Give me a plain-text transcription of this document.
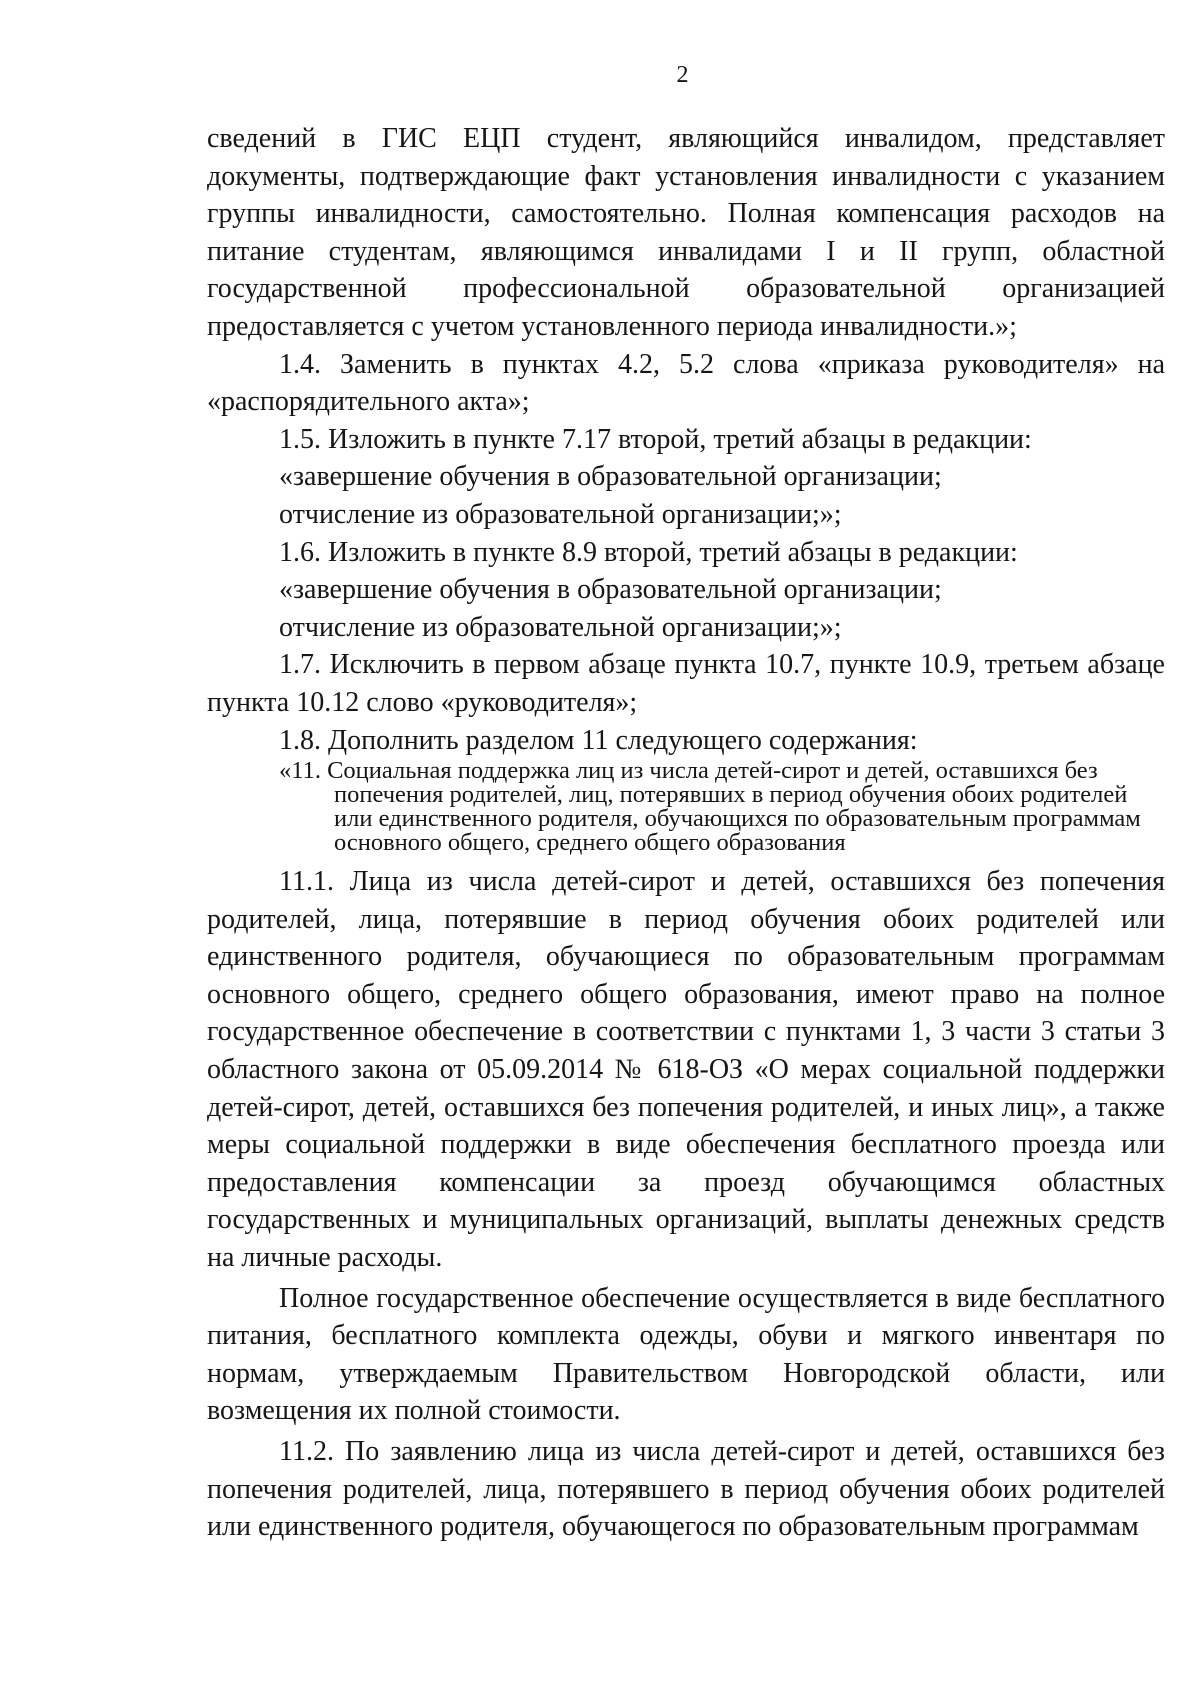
2

сведений в ГИС ЕЦП студент, являющийся инвалидом, представляет документы, подтверждающие факт установления инвалидности с указанием группы инвалидности, самостоятельно. Полная компенсация расходов на питание студентам, являющимся инвалидами I и II групп, областной государственной профессиональной образовательной организацией предоставляется с учетом установленного периода инвалидности.»;

1.4. Заменить в пунктах 4.2, 5.2 слова «приказа руководителя» на «распорядительного акта»;

1.5. Изложить в пункте 7.17 второй, третий абзацы в редакции:

«завершение обучения в образовательной организации;

отчисление из образовательной организации;»;

1.6. Изложить в пункте 8.9 второй, третий абзацы в редакции:

«завершение обучения в образовательной организации;

отчисление из образовательной организации;»;

1.7. Исключить в первом абзаце пункта 10.7, пункте 10.9, третьем абзаце пункта 10.12 слово «руководителя»;

1.8. Дополнить разделом 11 следующего содержания:

«11. Социальная поддержка лиц из числа детей-сирот и детей, оставшихся без попечения родителей, лиц, потерявших в период обучения обоих родителей или единственного родителя, обучающихся по образовательным программам основного общего, среднего общего образования

11.1. Лица из числа детей-сирот и детей, оставшихся без попечения родителей, лица, потерявшие в период обучения обоих родителей или единственного родителя, обучающиеся по образовательным программам основного общего, среднего общего образования, имеют право на полное государственное обеспечение в соответствии с пунктами 1, 3 части 3 статьи 3 областного закона от 05.09.2014 № 618-ОЗ «О мерах социальной поддержки детей-сирот, детей, оставшихся без попечения родителей, и иных лиц», а также меры социальной поддержки в виде обеспечения бесплатного проезда или предоставления компенсации за проезд обучающимся областных государственных и муниципальных организаций, выплаты денежных средств на личные расходы.

Полное государственное обеспечение осуществляется в виде бесплатного питания, бесплатного комплекта одежды, обуви и мягкого инвентаря по нормам, утверждаемым Правительством Новгородской области, или возмещения их полной стоимости.

11.2. По заявлению лица из числа детей-сирот и детей, оставшихся без попечения родителей, лица, потерявшего в период обучения обоих родителей или единственного родителя, обучающегося по образовательным программам
